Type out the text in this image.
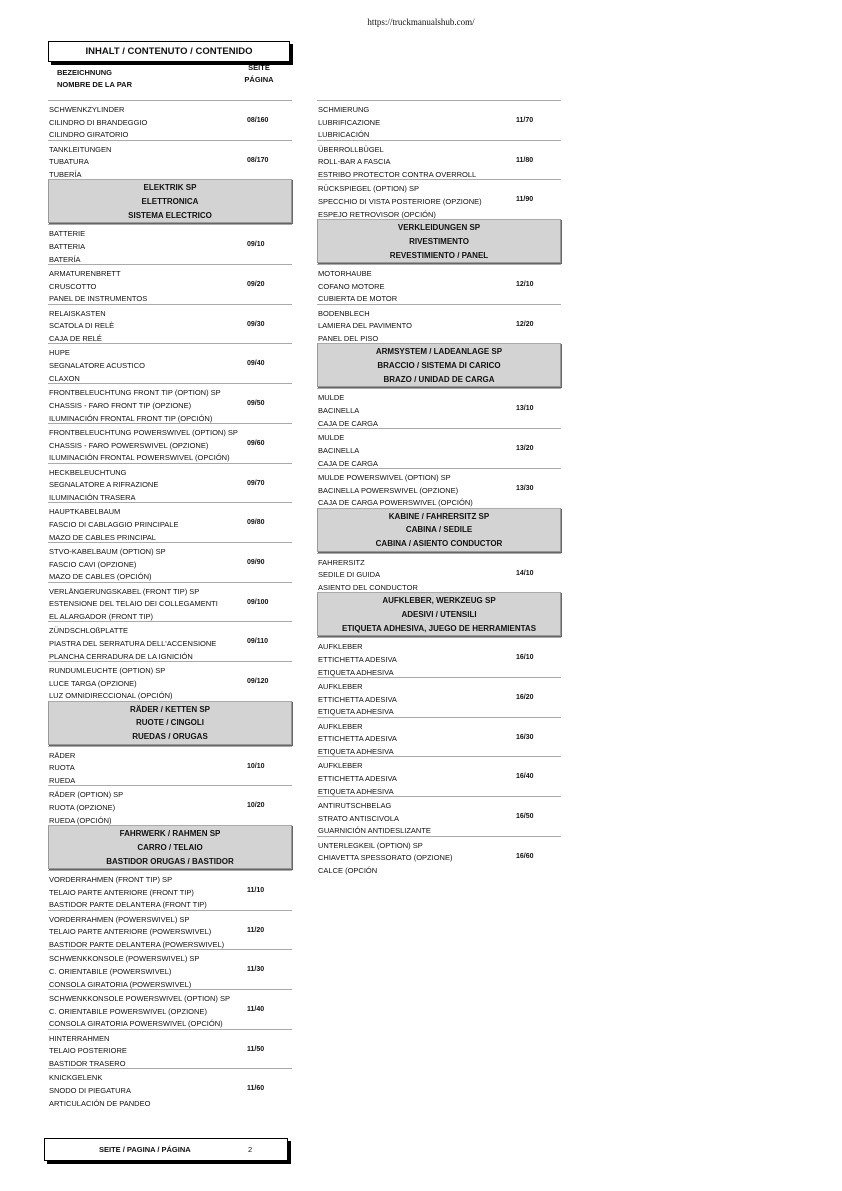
https://truckmanualshub.com/
INHALT / CONTENUTO / CONTENIDO
BEZEICHNUNG
NOMBRE DE LA PAR
SEITE
PÁGINA
SCHWENKZYLINDER
CILINDRO DI BRANDEGGIO
CILINDRO GIRATORIO
08/160
TANKLEITUNGEN
TUBATURA
TUBERÍA
08/170
ELEKTRIK SP
ELETTRONICA
SISTEMA ELECTRICO
BATTERIE
BATTERIA
BATERÍA
09/10
ARMATURENBRETT
CRUSCOTTO
PANEL DE INSTRUMENTOS
09/20
RELAISKASTEN
SCATOLA DI RELÈ
CAJA DE RELÉ
09/30
HUPE
SEGNALATORE ACUSTICO
CLAXON
09/40
FRONTBELEUCHTUNG FRONT TIP (OPTION) SP
CHASSIS - FARO FRONT TIP (OPZIONE)
ILUMINACIÓN FRONTAL FRONT TIP (OPCIÓN)
09/50
FRONTBELEUCHTUNG POWERSWIVEL (OPTION) SP
CHASSIS - FARO POWERSWIVEL (OPZIONE)
ILUMINACIÓN FRONTAL POWERSWIVEL (OPCIÓN)
09/60
HECKBELEUCHTUNG
SEGNALATORE A RIFRAZIONE
ILUMINACIÓN TRASERA
09/70
HAUPTKABELBAUM
FASCIO DI CABLAGGIO PRINCIPALE
MAZO DE CABLES PRINCIPAL
09/80
STVO-KABELBAUM (OPTION) SP
FASCIO CAVI (OPZIONE)
MAZO DE CABLES (OPCIÓN)
09/90
VERLÄNGERUNGSKABEL (FRONT TIP) SP
ESTENSIONE DEL TELAIO DEI COLLEGAMENTI
EL ALARGADOR (FRONT TIP)
09/100
ZÜNDSCHLOßPLATTE
PIASTRA DEL SERRATURA DELL'ACCENSIONE
PLANCHA CERRADURA DE LA IGNICIÓN
09/110
RUNDUMLEUCHTE (OPTION) SP
LUCE TARGA (OPZIONE)
LUZ OMNIDIRECCIONAL (OPCIÓN)
09/120
RÄDER / KETTEN SP
RUOTE / CINGOLI
RUEDAS / ORUGAS
RÄDER
RUOTA
RUEDA
10/10
RÄDER (OPTION) SP
RUOTA (OPZIONE)
RUEDA (OPCIÓN)
10/20
FAHRWERK / RAHMEN SP
CARRO / TELAIO
BASTIDOR ORUGAS / BASTIDOR
VORDERRAHMEN (FRONT TIP) SP
TELAIO PARTE ANTERIORE (FRONT TIP)
BASTIDOR PARTE DELANTERA (FRONT TIP)
11/10
VORDERRAHMEN (POWERSWIVEL) SP
TELAIO PARTE ANTERIORE (POWERSWIVEL)
BASTIDOR PARTE DELANTERA (POWERSWIVEL)
11/20
SCHWENKKONSOLE (POWERSWIVEL) SP
C. ORIENTABILE (POWERSWIVEL)
CONSOLA GIRATORIA (POWERSWIVEL)
11/30
SCHWENKKONSOLE POWERSWIVEL (OPTION) SP
C. ORIENTABILE POWERSWIVEL (OPZIONE)
CONSOLA GIRATORIA POWERSWIVEL (OPCIÓN)
11/40
HINTERRAHMEN
TELAIO POSTERIORE
BASTIDOR TRASERO
11/50
KNICKGELENK
SNODO DI PIEGATURA
ARTICULACIÓN DE PANDEO
11/60
SCHMIERUNG
LUBRIFICAZIONE
LUBRICACIÓN
11/70
ÜBERROLLBÜGEL
ROLL-BAR A FASCIA
ESTRIBO PROTECTOR CONTRA OVERROLL
11/80
RÜCKSPIEGEL (OPTION) SP
SPECCHIO DI VISTA POSTERIORE (OPZIONE)
ESPEJO RETROVISOR (OPCIÓN)
11/90
VERKLEIDUNGEN SP
RIVESTIMENTO
REVESTIMIENTO / PANEL
MOTORHAUBE
COFANO MOTORE
CUBIERTA DE MOTOR
12/10
BODENBLECH
LAMIERA DEL PAVIMENTO
PANEL DEL PISO
12/20
ARMSYSTEM / LADEANLAGE SP
BRACCIO / SISTEMA DI CARICO
BRAZO / UNIDAD DE CARGA
MULDE
BACINELLA
CAJA DE CARGA
13/10
MULDE
BACINELLA
CAJA DE CARGA
13/20
MULDE POWERSWIVEL (OPTION) SP
BACINELLA POWERSWIVEL (OPZIONE)
CAJA DE CARGA POWERSWIVEL (OPCIÓN)
13/30
KABINE / FAHRERSITZ SP
CABINA / SEDILE
CABINA / ASIENTO CONDUCTOR
FAHRERSITZ
SEDILE DI GUIDA
ASIENTO DEL CONDUCTOR
14/10
AUFKLEBER, WERKZEUG SP
ADESIVI / UTENSILI
ETIQUETA ADHESIVA, JUEGO DE HERRAMIENTAS
AUFKLEBER
ETTICHETTA ADESIVA
ETIQUETA ADHESIVA
16/10
AUFKLEBER
ETTICHETTA ADESIVA
ETIQUETA ADHESIVA
16/20
AUFKLEBER
ETTICHETTA ADESIVA
ETIQUETA ADHESIVA
16/30
AUFKLEBER
ETTICHETTA ADESIVA
ETIQUETA ADHESIVA
16/40
ANTIRUTSCHBELAG
STRATO ANTISCIVOLA
GUARNICIÓN ANTIDESLIZANTE
16/50
UNTERLEGKEIL (OPTION) SP
CHIAVETTA SPESSORATO (OPZIONE)
CALCE (OPCIÓN
16/60
SEITE / PAGINA / PÁGINA	2
